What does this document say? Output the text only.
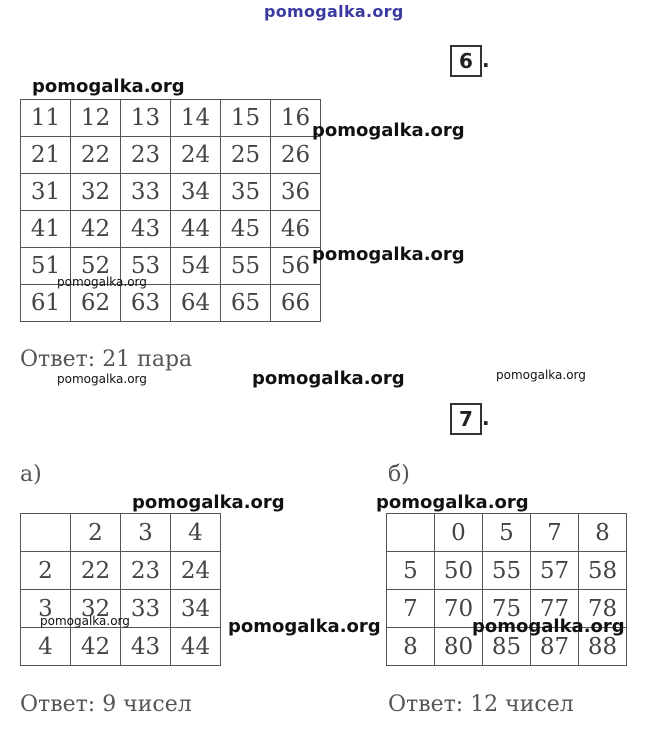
pomogalka.org
6 .
11	12	13	14	15	16
21	22	23	24	25	26
31	32	33	34	35	36
41	42	43	44	45	46
51	52	53	54	55	56
61	62	63	64	65	66
Ответ: 21 пара
7 .
а)
	2	3	4
2	22	23	24
3	32	33	34
4	42	43	44
Ответ: 9 чисел
б)
	0	5	7	8
5	50	55	57	58
7	70	75	77	78
8	80	85	87	88
Ответ: 12 чисел
pomogalka.org
pomogalka.org
pomogalka.org
pomogalka.org
pomogalka.org	pomogalka.org	pomogalka.org
pomogalka.org	pomogalka.org
pomogalka.org	pomogalka.org
pomogalka.org
